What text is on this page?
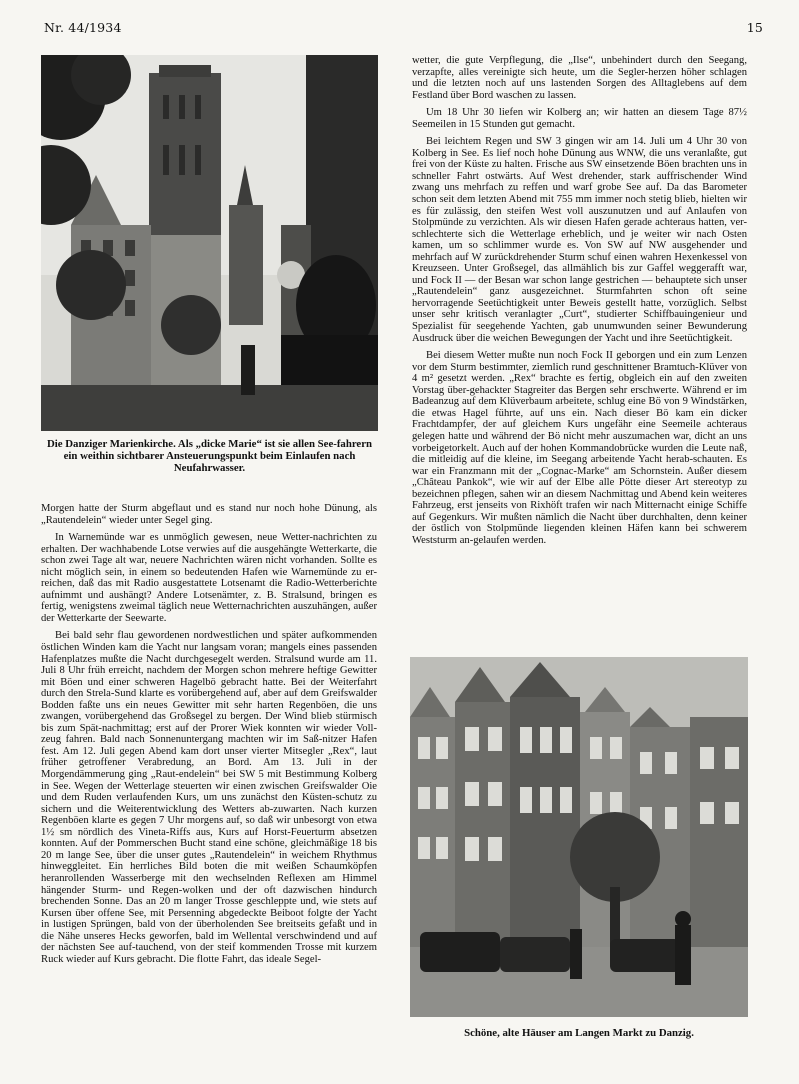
Nr. 44/1934	15
Die Danziger Marienkirche. Als „dicke Marie“ ist sie allen See-fahrern ein weithin sichtbarer Ansteuerungspunkt beim Einlaufen nach Neufahrwasser.

Morgen hatte der Sturm abgeflaut und es stand nur noch hohe Dünung, als „Rautendelein“ wieder unter Segel ging.

In Warnemünde war es unmöglich gewesen, neue Wetter-nachrichten zu erhalten. Der wachhabende Lotse verwies auf die ausgehängte Wetterkarte, die schon zwei Tage alt war, neuere Nachrichten wären nicht vorhanden. Sollte es nicht möglich sein, in einem so bedeutenden Hafen wie Warnemünde zu er-reichen, daß das mit Radio ausgestattete Lotsenamt die Radio-Wetterberichte aufnimmt und aushängt? Andere Lotsenämter, z. B. Stralsund, bringen es fertig, wenigstens zweimal täglich neue Wetternachrichten auszuhängen, außer der Wetterkarte der Seewarte.

Bei bald sehr flau gewordenen nordwestlichen und später aufkommenden östlichen Winden kam die Yacht nur langsam voran; mangels eines passenden Hafenplatzes mußte die Nacht durchgesegelt werden. Stralsund wurde am 11. Juli 8 Uhr früh erreicht, nachdem der Morgen schon mehrere heftige Gewitter mit Böen und einer schweren Hagelbö gebracht hatte. Bei der Weiterfahrt durch den Strela-Sund klarte es vorübergehend auf, aber auf dem Greifswalder Bodden faßte uns ein neues Gewitter mit sehr harten Regenböen, die uns zwangen, vorübergehend das Großsegel zu bergen. Der Wind blieb stürmisch bis zum Spät-nachmittag; erst auf der Prorer Wiek konnten wir wieder Voll-zeug fahren. Bald nach Sonnenuntergang machten wir im Saß-nitzer Hafen fest. Am 12. Juli gegen Abend kam dort unser vierter Mitsegler „Rex“, laut früher getroffener Verabredung, an Bord. Am 13. Juli in der Morgendämmerung ging „Raut-endelein“ bei SW 5 mit Bestimmung Kolberg in See. Wegen der Wetterlage steuerten wir einen zwischen Greifswalder Oie und dem Ruden verlaufenden Kurs, um uns zunächst den Küsten-schutz zu sichern und die Weiterentwicklung des Wetters ab-zuwarten. Nach kurzen Regenböen klarte es gegen 7 Uhr morgens auf, so daß wir unbesorgt von etwa 1½ sm nördlich des Vineta-Riffs aus, Kurs auf Horst-Feuerturm absetzen konnten. Auf der Pommerschen Bucht stand eine schöne, gleichmäßige 18 bis 20 m lange See, über die unser gutes „Rautendelein“ in weichem Rhythmus hinweggleitet. Ein herrliches Bild boten die mit weißen Schaumköpfen heranrollenden Wasserberge mit den wechselnden Reflexen am Himmel hängender Sturm- und Regen-wolken und der oft dazwischen hindurch brechenden Sonne. Das an 20 m langer Trosse geschleppte und, wie stets auf Kursen über offene See, mit Persenning abgedeckte Beiboot folgte der Yacht in lustigen Sprüngen, bald von der überholenden See breitseits gefaßt und in die Nähe unseres Hecks geworfen, bald im Wellental verschwindend und auf der nächsten See auf-tauchend, von der steif kommenden Trosse mit kurzem Ruck wieder auf Kurs gebracht. Die flotte Fahrt, das ideale Segel-

wetter, die gute Verpflegung, die „Ilse“, unbehindert durch den Seegang, verzapfte, alles vereinigte sich heute, um die Segler-herzen höher schlagen und die letzten noch auf uns lastenden Sorgen des Alltaglebens auf dem Festland über Bord waschen zu lassen.

Um 18 Uhr 30 liefen wir Kolberg an; wir hatten an diesem Tage 87½ Seemeilen in 15 Stunden gut gemacht.

Bei leichtem Regen und SW 3 gingen wir am 14. Juli um 4 Uhr 30 von Kolberg in See. Es lief noch hohe Dünung aus WNW, die uns veranlaßte, gut frei von der Küste zu halten. Frische aus SW einsetzende Böen brachten uns in schneller Fahrt ostwärts. Auf West drehender, stark auffrischender Wind zwang uns mehrfach zu reffen und warf grobe See auf. Da das Barometer schon seit dem letzten Abend mit 755 mm immer noch stetig blieb, hielten wir es für zulässig, den steifen West voll auszunutzen und auf Anlaufen von Stolpmünde zu verzichten. Als wir diesen Hafen gerade achteraus hatten, ver-schlechterte sich die Wetterlage erheblich, und je weiter wir nach Osten kamen, um so schlimmer wurde es. Von SW auf NW ausgehender und mehrfach auf W zurückdrehender Sturm schuf einen wahren Hexenkessel von Kreuzseen. Unter Großsegel, das allmählich bis zur Gaffel weggerafft war, und Fock II — der Besan war schon lange gestrichen — behauptete sich unser „Rautendelein“ ganz ausgezeichnet. Sturmfahrten schon oft seine hervorragende Seetüchtigkeit unter Beweis gestellt hatte, vorzüglich. Selbst unser sehr kritisch veranlagter „Curt“, studierter Schiffbauingenieur und Spezialist für seegehende Yachten, gab unumwunden seiner Bewunderung Ausdruck über die weichen Bewegungen der Yacht und ihre Seetüchtigkeit.

Bei diesem Wetter mußte nun noch Fock II geborgen und ein zum Lenzen vor dem Sturm bestimmter, ziemlich rund geschnittener Bramtuch-Klüver von 4 m² gesetzt werden. „Rex“ brachte es fertig, obgleich ein auf den zweiten Vorstag über-gehackter Stagreiter das Bergen sehr erschwerte. Während er im Badeanzug auf dem Klüverbaum arbeitete, schlug eine Bö von 9 Windstärken, die etwas Hagel führte, auf uns ein. Nach dieser Bö kam ein dicker Frachtdampfer, der auf gleichem Kurs ungefähr eine Seemeile achteraus gelegen hatte und während der Bö nicht mehr auszumachen war, dicht an uns vorbeigetorkelt. Auch auf der hohen Kommandobrücke wurden die Leute naß, die mitleidig auf die kleine, im Seegang arbeitende Yacht herab-schauten. Es war ein Franzmann mit der „Cognac-Marke“ am Schornstein. Außer diesem „Château Pankok“, wie wir auf der Elbe alle Pötte dieser Art stereotyp zu bezeichnen pflegen, sahen wir an diesem Nachmittag und Abend kein weiteres Fahrzeug, erst jenseits von Rixhöft trafen wir nach Mitternacht einige Schiffe auf Gegenkurs. Wir mußten nämlich die Nacht über durchhalten, denn keiner der östlich von Stolpmünde liegenden kleinen Häfen kann bei schwerem Weststurm an-gelaufen werden.

Schöne, alte Häuser am Langen Markt zu Danzig.
